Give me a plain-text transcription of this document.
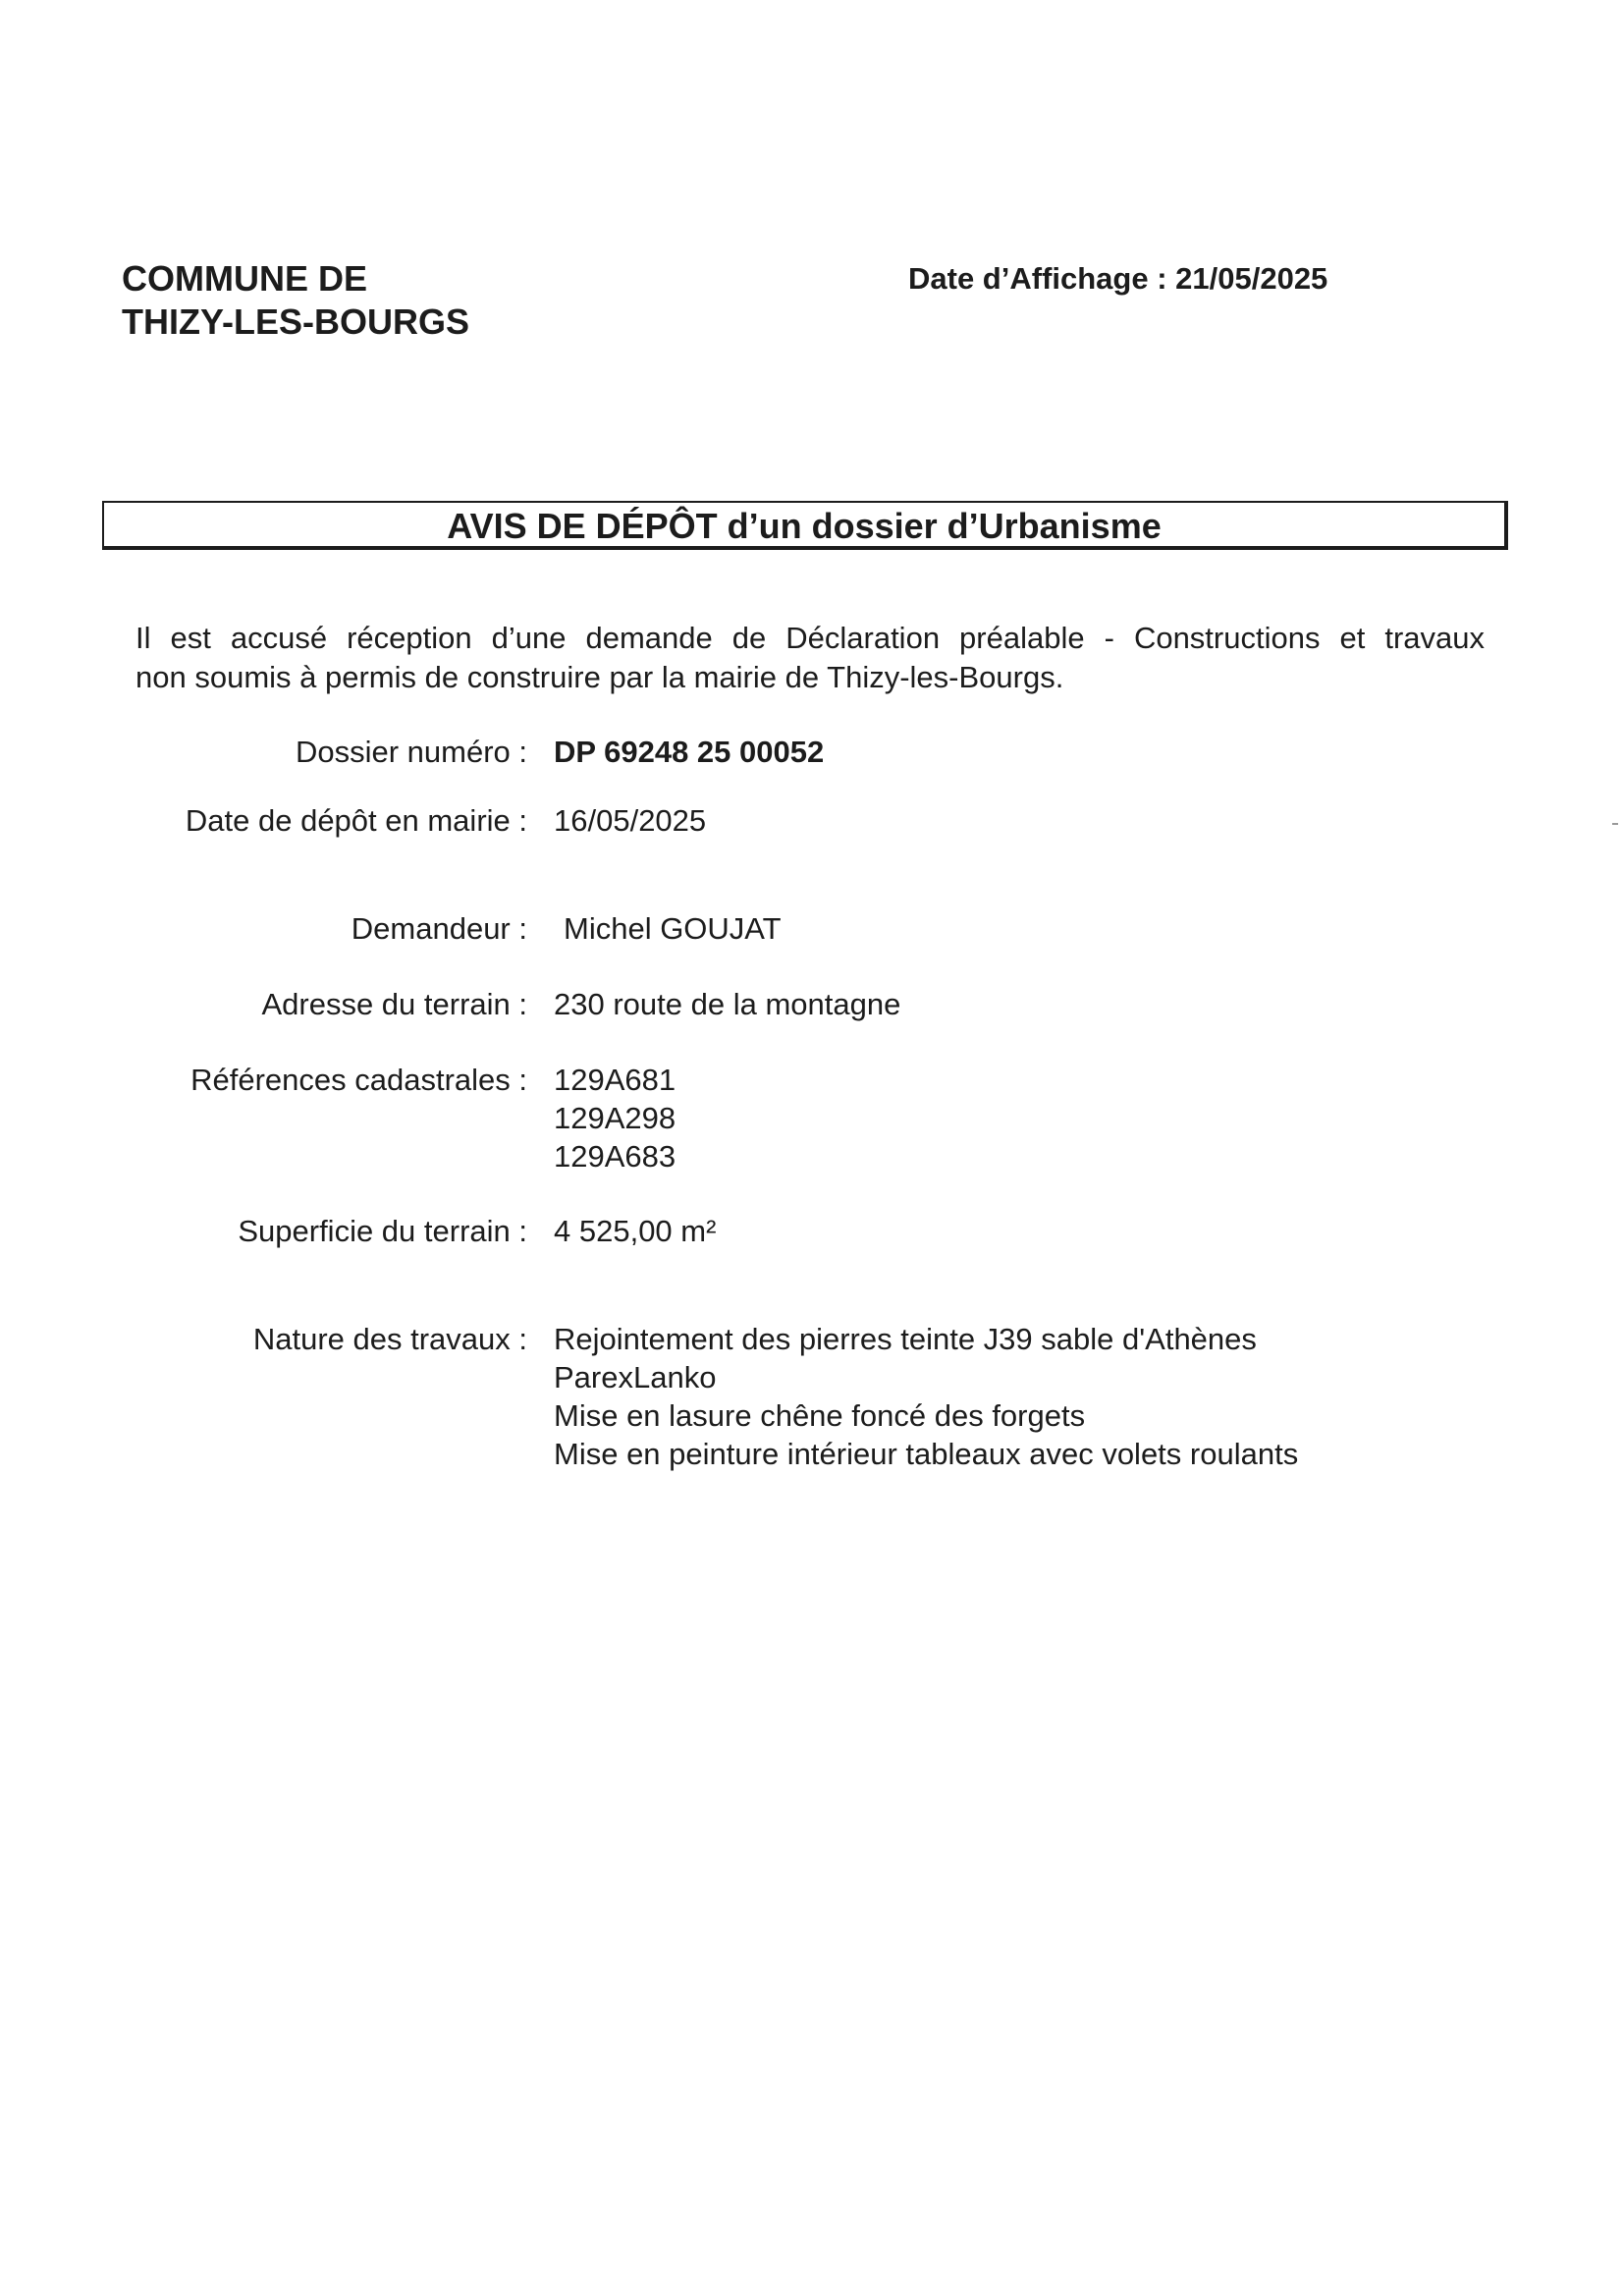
COMMUNE DE
THIZY-LES-BOURGS
Date d’Affichage : 21/05/2025
AVIS DE DÉPÔT d’un dossier d’Urbanisme
Il est accusé réception d’une demande de Déclaration préalable - Constructions et travaux
non soumis à permis de construire par la mairie de Thizy-les-Bourgs.
Dossier numéro : DP 69248 25 00052
Date de dépôt en mairie : 16/05/2025
Demandeur : Michel GOUJAT
Adresse du terrain : 230 route de la montagne
Références cadastrales : 129A681
129A298
129A683
Superficie du terrain : 4 525,00 m²
Nature des travaux : Rejointement des pierres teinte J39 sable d'Athènes
ParexLanko
Mise en lasure chêne foncé des forgets
Mise en peinture intérieur tableaux avec volets roulants
